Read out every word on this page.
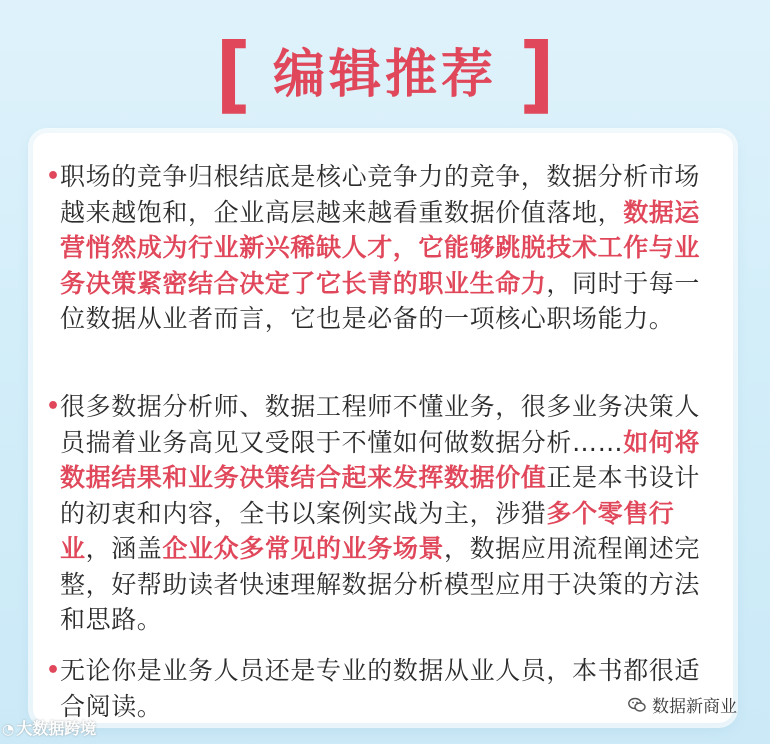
[ 编辑推荐 ]
• 职场的竞争归根结底是核心竞争力的竞争，数据分析市场越来越饱和，企业高层越来越看重数据价值落地，数据运营悄然成为行业新兴稀缺人才，它能够跳脱技术工作与业务决策紧密结合决定了它长青的职业生命力，同时于每一位数据从业者而言，它也是必备的一项核心职场能力。
• 很多数据分析师、数据工程师不懂业务，很多业务决策人员揣着业务高见又受限于不懂如何做数据分析……如何将数据结果和业务决策结合起来发挥数据价值正是本书设计的初衷和内容，全书以案例实战为主，涉猎多个零售行业，涵盖企业众多常见的业务场景，数据应用流程阐述完整，好帮助读者快速理解数据分析模型应用于决策的方法和思路。
• 无论你是业务人员还是专业的数据从业人员，本书都很适合阅读。
◔ 大数据跨境
数据新商业
